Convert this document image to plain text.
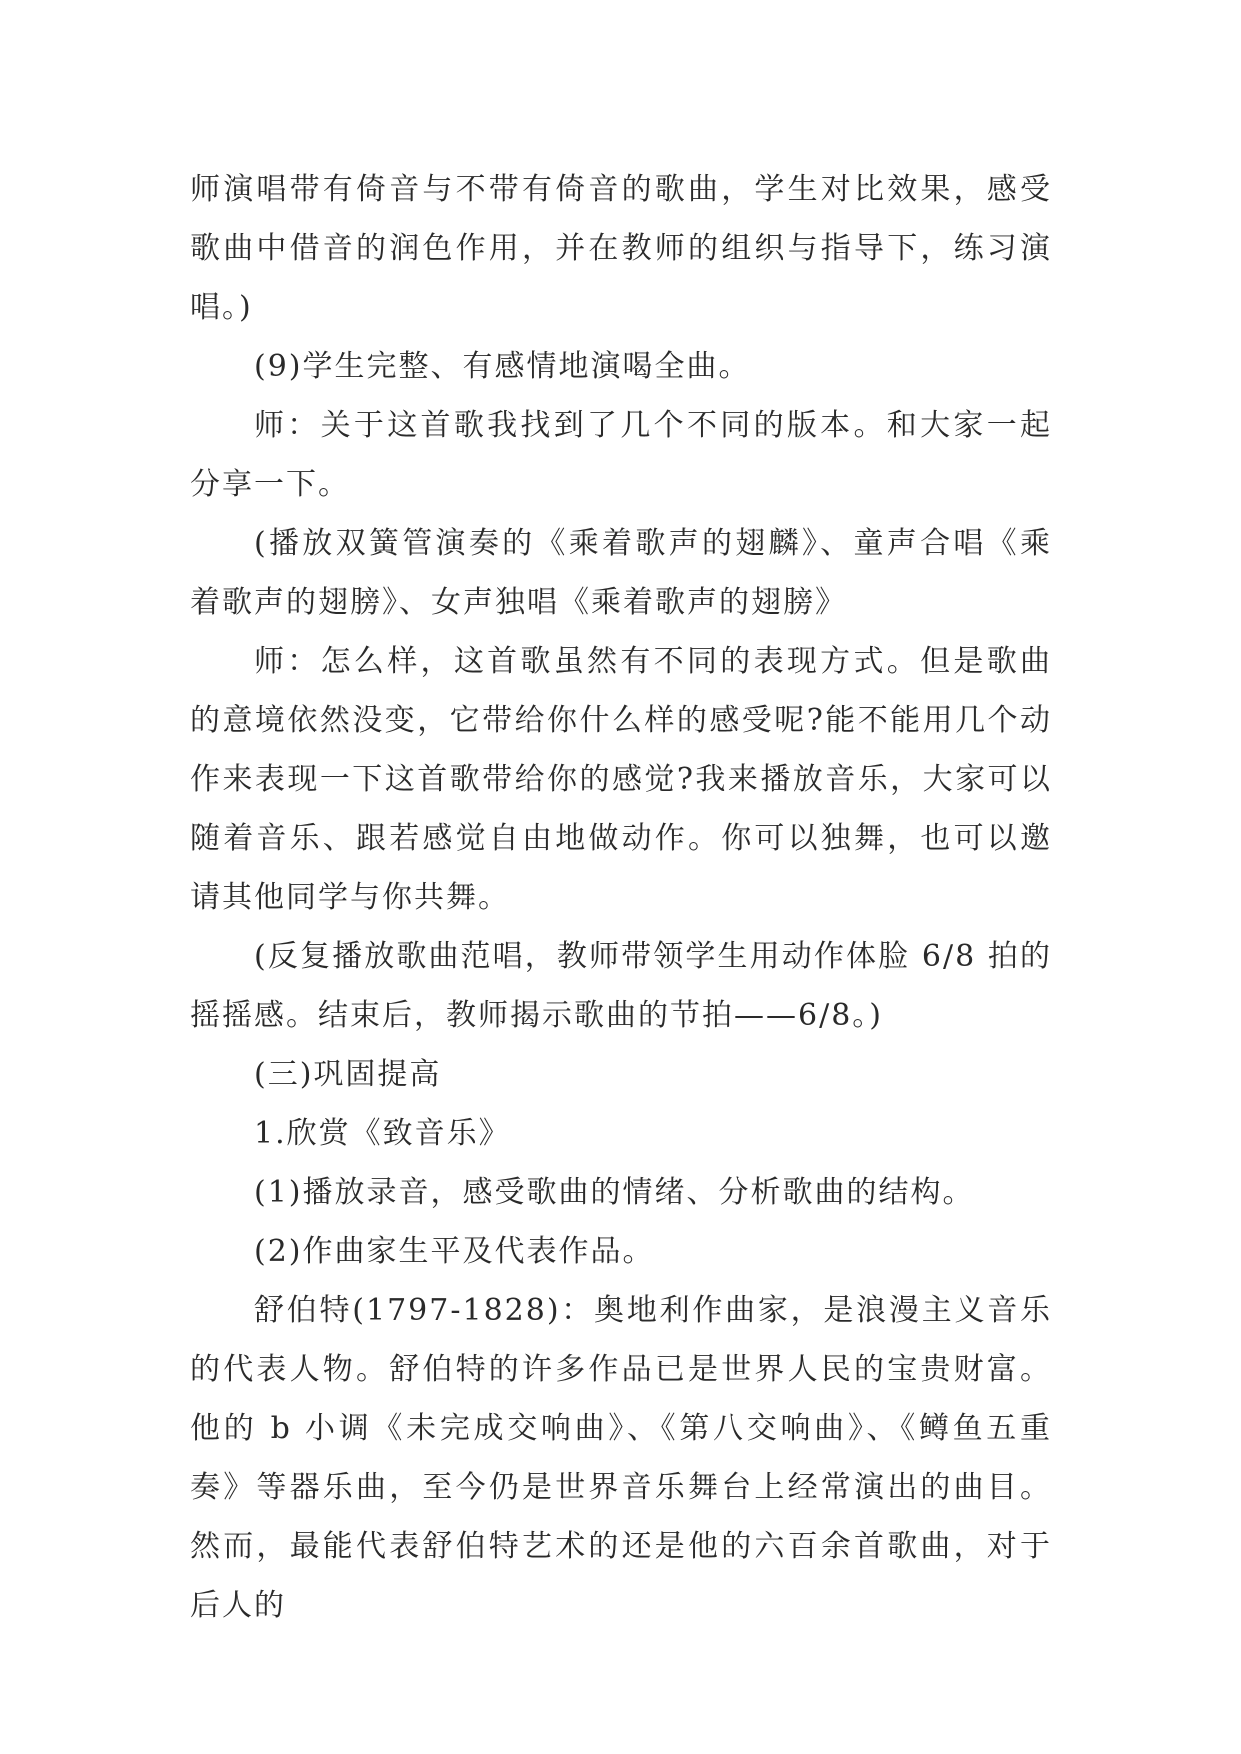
师演唱带有倚音与不带有倚音的歌曲，学生对比效果，感受歌曲中借音的润色作用，并在教师的组织与指导下，练习演唱。)

(9)学生完整、有感情地演喝全曲。

师：关于这首歌我找到了几个不同的版本。和大家一起分享一下。

(播放双簧管演奏的《乘着歌声的翅麟》、童声合唱《乘着歌声的翅膀》、女声独唱《乘着歌声的翅膀》

师：怎么样，这首歌虽然有不同的表现方式。但是歌曲的意境依然没变，它带给你什么样的感受呢?能不能用几个动作来表现一下这首歌带给你的感觉?我来播放音乐，大家可以随着音乐、跟若感觉自由地做动作。你可以独舞，也可以邀请其他同学与你共舞。

(反复播放歌曲范唱，教师带领学生用动作体脸 6/8 拍的摇摇感。结束后，教师揭示歌曲的节拍——6/8。)

(三)巩固提高

1.欣赏《致音乐》

(1)播放录音，感受歌曲的情绪、分析歌曲的结构。

(2)作曲家生平及代表作品。

舒伯特(1797-1828)：奥地利作曲家，是浪漫主义音乐的代表人物。舒伯特的许多作品已是世界人民的宝贵财富。他的 b 小调《未完成交响曲》、《第八交响曲》、《鳟鱼五重奏》等器乐曲，至今仍是世界音乐舞台上经常演出的曲目。然而，最能代表舒伯特艺术的还是他的六百余首歌曲，对于后人的
